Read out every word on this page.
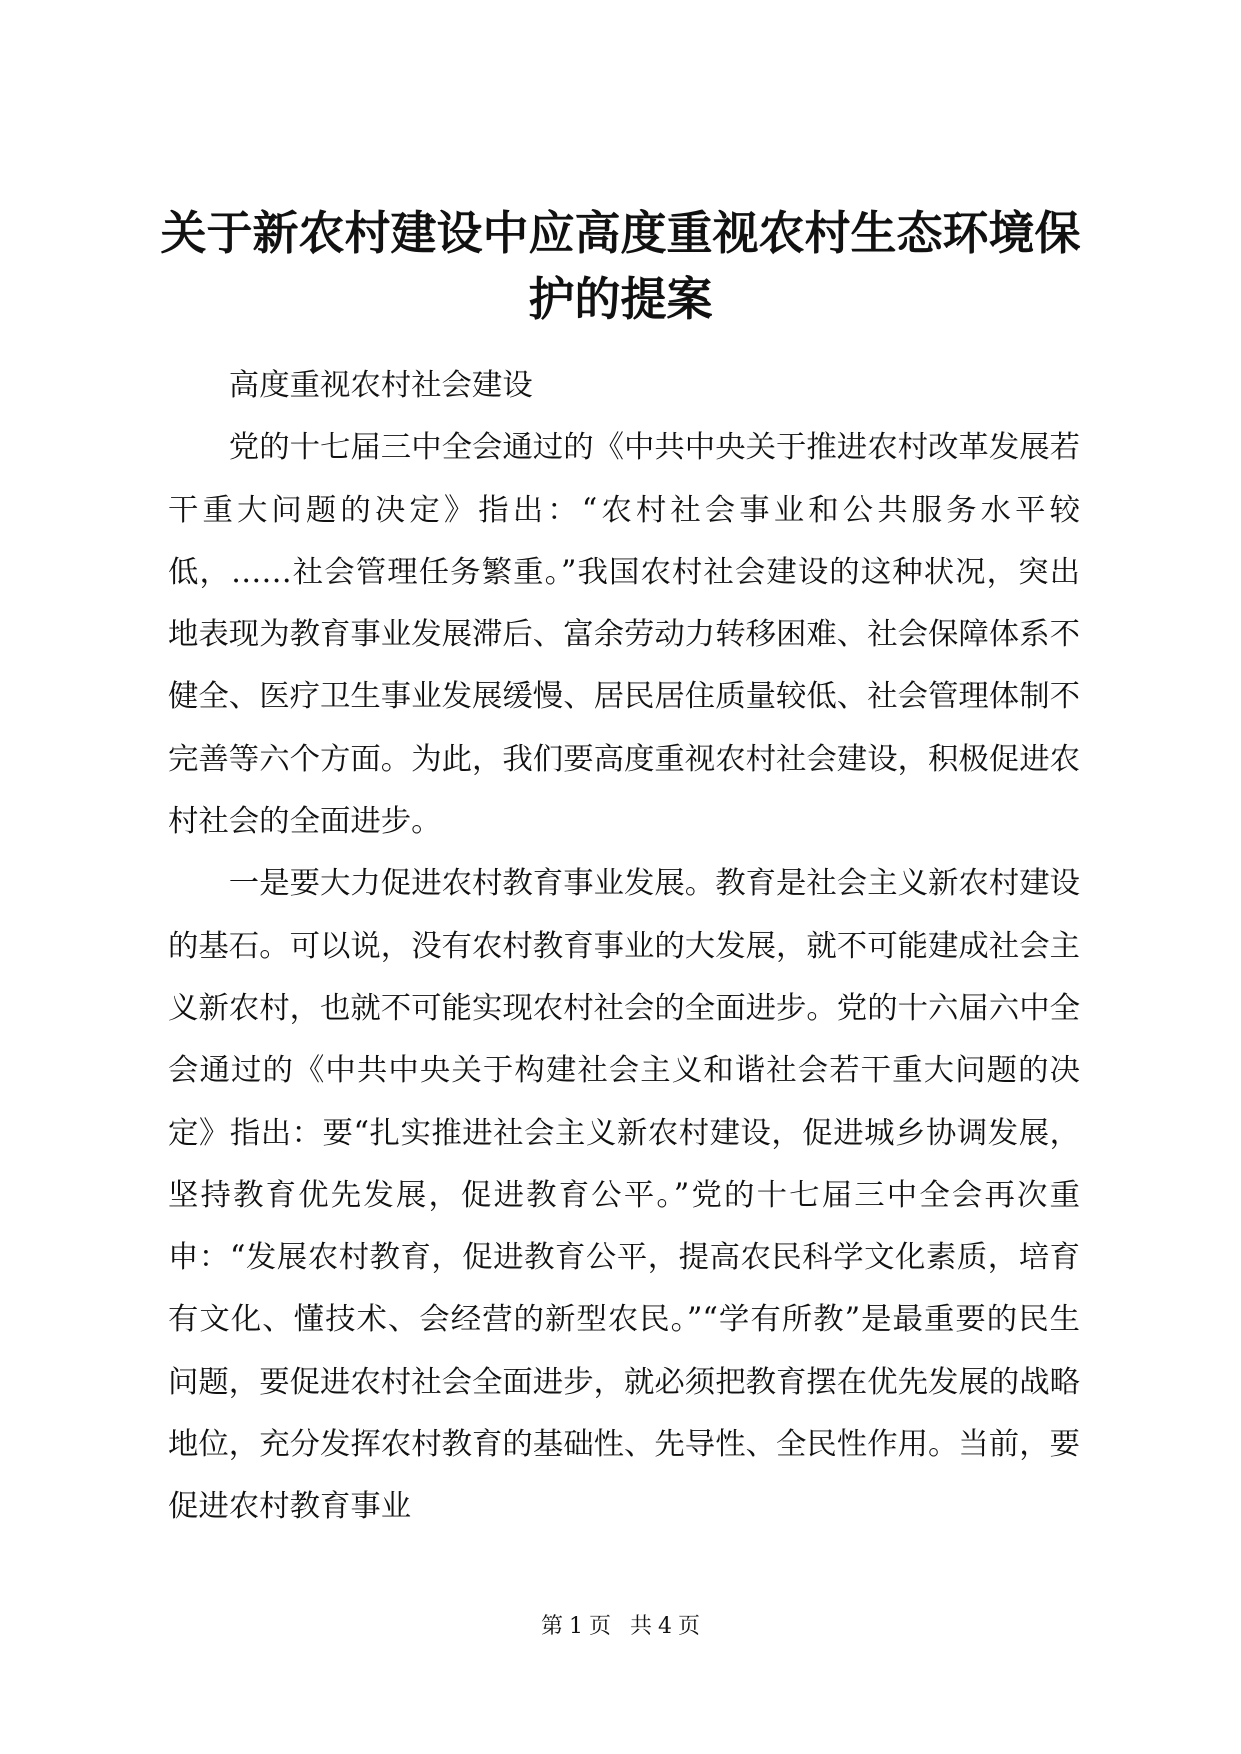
关于新农村建设中应高度重视农村生态环境保
护的提案

高度重视农村社会建设

党的十七届三中全会通过的《中共中央关于推进农村改革发展若干重大问题的决定》指出：“农村社会事业和公共服务水平较低，……社会管理任务繁重。”我国农村社会建设的这种状况，突出地表现为教育事业发展滞后、富余劳动力转移困难、社会保障体系不健全、医疗卫生事业发展缓慢、居民居住质量较低、社会管理体制不完善等六个方面。为此，我们要高度重视农村社会建设，积极促进农村社会的全面进步。

一是要大力促进农村教育事业发展。教育是社会主义新农村建设的基石。可以说，没有农村教育事业的大发展，就不可能建成社会主义新农村，也就不可能实现农村社会的全面进步。党的十六届六中全会通过的《中共中央关于构建社会主义和谐社会若干重大问题的决定》指出：要“扎实推进社会主义新农村建设，促进城乡协调发展，坚持教育优先发展，促进教育公平。”党的十七届三中全会再次重申：“发展农村教育，促进教育公平，提高农民科学文化素质，培育有文化、懂技术、会经营的新型农民。”“学有所教”是最重要的民生问题，要促进农村社会全面进步，就必须把教育摆在优先发展的战略地位，充分发挥农村教育的基础性、先导性、全民性作用。当前，要促进农村教育事业

第 1 页 共 4 页
